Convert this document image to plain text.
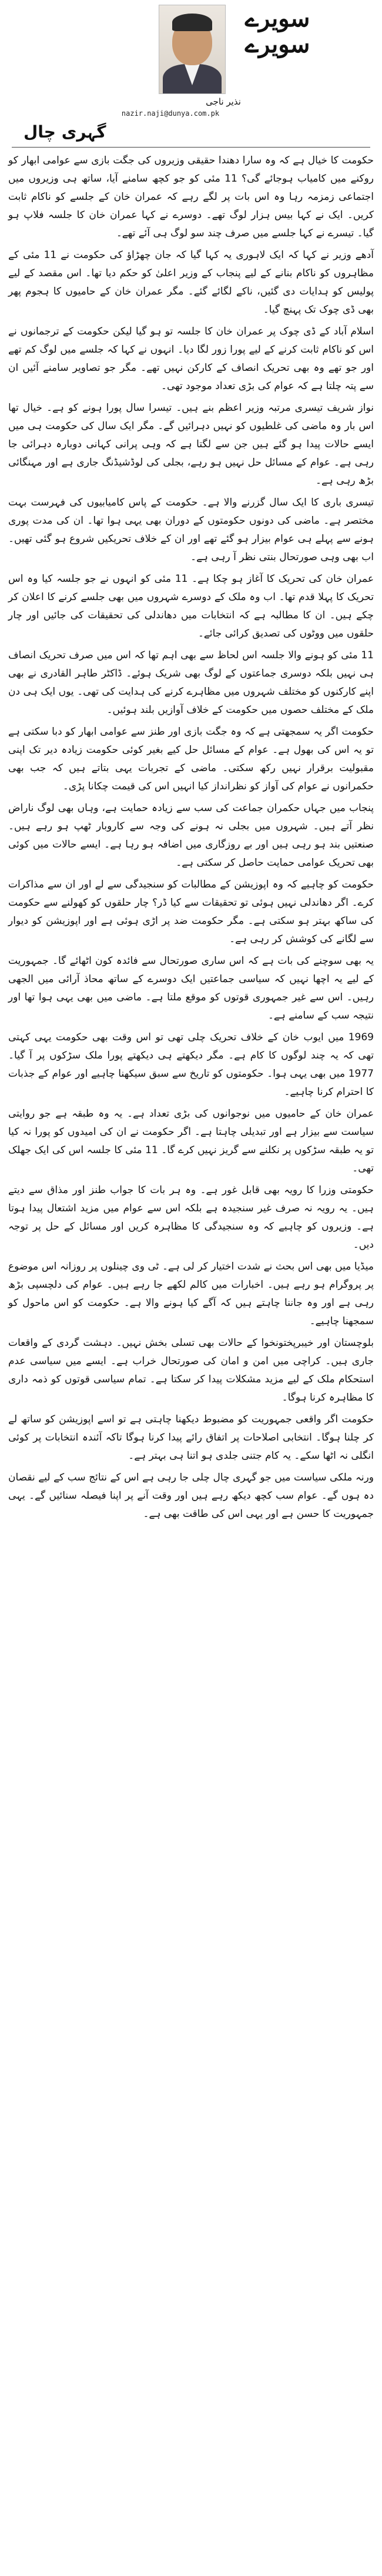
سویرے
سویرے
نذیر ناجی
nazir.naji@dunya.com.pk
گہری چال

حکومت کا خیال ہے کہ وہ سارا دھندا حقیقی وزیروں کی جگت بازی سے عوامی ابھار کو روکنے میں کامیاب ہوجائے گی؟ 11 مئی کو جو کچھ سامنے آیا، ساتھ ہی وزیروں میں اجتماعی زمزمہ رہا وہ اس بات پر لگے رہے کہ عمران خان کے جلسے کو ناکام ثابت کریں۔ ایک نے کہا بیس ہزار لوگ تھے۔ دوسرے نے کہا عمران خان کا جلسہ فلاپ ہو گیا۔ تیسرے نے کہا جلسے میں صرف چند سو لوگ ہی آئے تھے۔

آدھے وزیر نے کہا کہ ایک لاہوری یہ کہا گیا کہ جان چھڑاؤ کی حکومت نے 11 مئی کے مظاہروں کو ناکام بنانے کے لیے پنجاب کے وزیر اعلیٰ کو حکم دیا تھا۔ اس مقصد کے لیے پولیس کو ہدایات دی گئیں، ناکے لگائے گئے۔ مگر عمران خان کے حامیوں کا ہجوم پھر بھی ڈی چوک تک پہنچ گیا۔

اسلام آباد کے ڈی چوک پر عمران خان کا جلسہ تو ہو گیا لیکن حکومت کے ترجمانوں نے اس کو ناکام ثابت کرنے کے لیے پورا زور لگا دیا۔ انہوں نے کہا کہ جلسے میں لوگ کم تھے اور جو تھے وہ بھی تحریک انصاف کے کارکن نہیں تھے۔ مگر جو تصاویر سامنے آئیں ان سے پتہ چلتا ہے کہ عوام کی بڑی تعداد موجود تھی۔

نواز شریف تیسری مرتبہ وزیر اعظم بنے ہیں۔ تیسرا سال پورا ہونے کو ہے۔ خیال تھا اس بار وہ ماضی کی غلطیوں کو نہیں دہرائیں گے۔ مگر ایک سال کی حکومت ہی میں ایسے حالات پیدا ہو گئے ہیں جن سے لگتا ہے کہ وہی پرانی کہانی دوبارہ دہرائی جا رہی ہے۔ عوام کے مسائل حل نہیں ہو رہے، بجلی کی لوڈشیڈنگ جاری ہے اور مہنگائی بڑھ رہی ہے۔

تیسری باری کا ایک سال گزرنے والا ہے۔ حکومت کے پاس کامیابیوں کی فہرست بہت مختصر ہے۔ ماضی کی دونوں حکومتوں کے دوران بھی یہی ہوا تھا۔ ان کی مدت پوری ہونے سے پہلے ہی عوام بیزار ہو گئے تھے اور ان کے خلاف تحریکیں شروع ہو گئی تھیں۔ اب بھی وہی صورتحال بنتی نظر آ رہی ہے۔

عمران خان کی تحریک کا آغاز ہو چکا ہے۔ 11 مئی کو انہوں نے جو جلسہ کیا وہ اس تحریک کا پہلا قدم تھا۔ اب وہ ملک کے دوسرے شہروں میں بھی جلسے کرنے کا اعلان کر چکے ہیں۔ ان کا مطالبہ ہے کہ انتخابات میں دھاندلی کی تحقیقات کی جائیں اور چار حلقوں میں ووٹوں کی تصدیق کرائی جائے۔

11 مئی کو ہونے والا جلسہ اس لحاظ سے بھی اہم تھا کہ اس میں صرف تحریک انصاف ہی نہیں بلکہ دوسری جماعتوں کے لوگ بھی شریک ہوئے۔ ڈاکٹر طاہر القادری نے بھی اپنے کارکنوں کو مختلف شہروں میں مظاہرے کرنے کی ہدایت کی تھی۔ یوں ایک ہی دن ملک کے مختلف حصوں میں حکومت کے خلاف آوازیں بلند ہوئیں۔

حکومت اگر یہ سمجھتی ہے کہ وہ جگت بازی اور طنز سے عوامی ابھار کو دبا سکتی ہے تو یہ اس کی بھول ہے۔ عوام کے مسائل حل کیے بغیر کوئی حکومت زیادہ دیر تک اپنی مقبولیت برقرار نہیں رکھ سکتی۔ ماضی کے تجربات یہی بتاتے ہیں کہ جب بھی حکمرانوں نے عوام کی آواز کو نظرانداز کیا انہیں اس کی قیمت چکانا پڑی۔

پنجاب میں جہاں حکمران جماعت کی سب سے زیادہ حمایت ہے، وہاں بھی لوگ ناراض نظر آتے ہیں۔ شہروں میں بجلی نہ ہونے کی وجہ سے کاروبار ٹھپ ہو رہے ہیں۔ صنعتیں بند ہو رہی ہیں اور بے روزگاری میں اضافہ ہو رہا ہے۔ ایسے حالات میں کوئی بھی تحریک عوامی حمایت حاصل کر سکتی ہے۔

حکومت کو چاہیے کہ وہ اپوزیشن کے مطالبات کو سنجیدگی سے لے اور ان سے مذاکرات کرے۔ اگر دھاندلی نہیں ہوئی تو تحقیقات سے کیا ڈر؟ چار حلقوں کو کھولنے سے حکومت کی ساکھ بہتر ہو سکتی ہے۔ مگر حکومت ضد پر اڑی ہوئی ہے اور اپوزیشن کو دیوار سے لگانے کی کوشش کر رہی ہے۔

یہ بھی سوچنے کی بات ہے کہ اس ساری صورتحال سے فائدہ کون اٹھائے گا۔ جمہوریت کے لیے یہ اچھا نہیں کہ سیاسی جماعتیں ایک دوسرے کے ساتھ محاذ آرائی میں الجھی رہیں۔ اس سے غیر جمہوری قوتوں کو موقع ملتا ہے۔ ماضی میں بھی یہی ہوا تھا اور نتیجہ سب کے سامنے ہے۔

1969 میں ایوب خان کے خلاف تحریک چلی تھی تو اس وقت بھی حکومت یہی کہتی تھی کہ یہ چند لوگوں کا کام ہے۔ مگر دیکھتے ہی دیکھتے پورا ملک سڑکوں پر آ گیا۔ 1977 میں بھی یہی ہوا۔ حکومتوں کو تاریخ سے سبق سیکھنا چاہیے اور عوام کے جذبات کا احترام کرنا چاہیے۔

عمران خان کے حامیوں میں نوجوانوں کی بڑی تعداد ہے۔ یہ وہ طبقہ ہے جو روایتی سیاست سے بیزار ہے اور تبدیلی چاہتا ہے۔ اگر حکومت نے ان کی امیدوں کو پورا نہ کیا تو یہ طبقہ سڑکوں پر نکلنے سے گریز نہیں کرے گا۔ 11 مئی کا جلسہ اس کی ایک جھلک تھی۔

حکومتی وزرا کا رویہ بھی قابل غور ہے۔ وہ ہر بات کا جواب طنز اور مذاق سے دیتے ہیں۔ یہ رویہ نہ صرف غیر سنجیدہ ہے بلکہ اس سے عوام میں مزید اشتعال پیدا ہوتا ہے۔ وزیروں کو چاہیے کہ وہ سنجیدگی کا مظاہرہ کریں اور مسائل کے حل پر توجہ دیں۔

میڈیا میں بھی اس بحث نے شدت اختیار کر لی ہے۔ ٹی وی چینلوں پر روزانہ اس موضوع پر پروگرام ہو رہے ہیں۔ اخبارات میں کالم لکھے جا رہے ہیں۔ عوام کی دلچسپی بڑھ رہی ہے اور وہ جاننا چاہتے ہیں کہ آگے کیا ہونے والا ہے۔ حکومت کو اس ماحول کو سمجھنا چاہیے۔

بلوچستان اور خیبرپختونخوا کے حالات بھی تسلی بخش نہیں۔ دہشت گردی کے واقعات جاری ہیں۔ کراچی میں امن و امان کی صورتحال خراب ہے۔ ایسے میں سیاسی عدم استحکام ملک کے لیے مزید مشکلات پیدا کر سکتا ہے۔ تمام سیاسی قوتوں کو ذمہ داری کا مظاہرہ کرنا ہوگا۔

حکومت اگر واقعی جمہوریت کو مضبوط دیکھنا چاہتی ہے تو اسے اپوزیشن کو ساتھ لے کر چلنا ہوگا۔ انتخابی اصلاحات پر اتفاق رائے پیدا کرنا ہوگا تاکہ آئندہ انتخابات پر کوئی انگلی نہ اٹھا سکے۔ یہ کام جتنی جلدی ہو اتنا ہی بہتر ہے۔

ورنہ ملکی سیاست میں جو گہری چال چلی جا رہی ہے اس کے نتائج سب کے لیے نقصان دہ ہوں گے۔ عوام سب کچھ دیکھ رہے ہیں اور وقت آنے پر اپنا فیصلہ سنائیں گے۔ یہی جمہوریت کا حسن ہے اور یہی اس کی طاقت بھی ہے۔
